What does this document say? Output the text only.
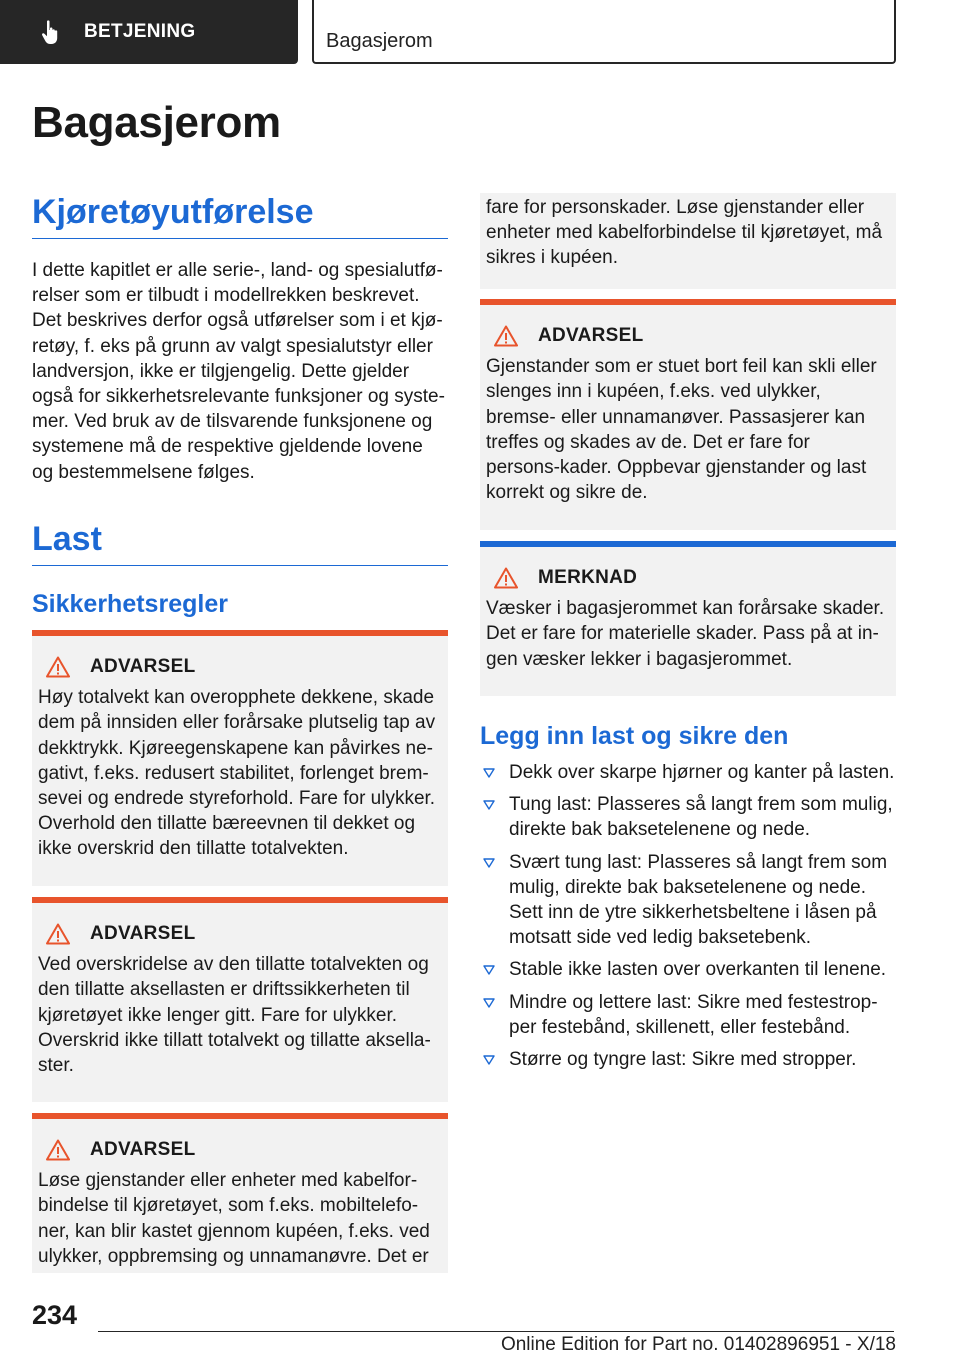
BETJENING	Bagasjerom
Bagasjerom
Kjøretøyutførelse

I dette kapitlet er alle serie-, land- og spesialutfø-relser som er tilbudt i modellrekken beskrevet. Det beskrives derfor også utførelser som i et kjø-retøy, f. eks på grunn av valgt spesialutstyr eller landversjon, ikke er tilgjengelig. Dette gjelder også for sikkerhetsrelevante funksjoner og syste-mer. Ved bruk av de tilsvarende funksjonene og systemene må de respektive gjeldende lovene og bestemmelsene følges.

Last
Sikkerhetsregler
ADVARSEL
Høy totalvekt kan overopphete dekkene, skade dem på innsiden eller forårsake plutselig tap av dekktrykk. Kjøreegenskapene kan påvirkes ne-gativt, f.eks. redusert stabilitet, forlenget brem-sevei og endrede styreforhold. Fare for ulykker. Overhold den tillatte bæreevnen til dekket og ikke overskrid den tillatte totalvekten.
ADVARSEL
Ved overskridelse av den tillatte totalvekten og den tillatte aksellasten er driftssikkerheten til kjøretøyet ikke lenger gitt. Fare for ulykker. Overskrid ikke tillatt totalvekt og tillatte aksella-ster.
ADVARSEL
Løse gjenstander eller enheter med kabelfor-bindelse til kjøretøyet, som f.eks. mobiltelefo-ner, kan blir kastet gjennom kupéen, f.eks. ved ulykker, oppbremsing og unnamanøvre. Det er
fare for personskader. Løse gjenstander eller enheter med kabelforbindelse til kjøretøyet, må sikres i kupéen.
ADVARSEL
Gjenstander som er stuet bort feil kan skli eller slenges inn i kupéen, f.eks. ved ulykker, bremse- eller unnamanøver. Passasjerer kan treffes og skades av de. Det er fare for persons-kader. Oppbevar gjenstander og last korrekt og sikre de.
MERKNAD
Væsker i bagasjerommet kan forårsake skader. Det er fare for materielle skader. Pass på at in-gen væsker lekker i bagasjerommet.
Legg inn last og sikre den
Dekk over skarpe hjørner og kanter på lasten.
Tung last: Plasseres så langt frem som mulig, direkte bak baksetelenene og nede.
Svært tung last: Plasseres så langt frem som mulig, direkte bak baksetelenene og nede. Sett inn de ytre sikkerhetsbeltene i låsen på motsatt side ved ledig baksetebenk.
Stable ikke lasten over overkanten til lenene.
Mindre og lettere last: Sikre med festestrop-per festebånd, skillenett, eller festebånd.
Større og tyngre last: Sikre med stropper.
234
Online Edition for Part no. 01402896951 - X/18
